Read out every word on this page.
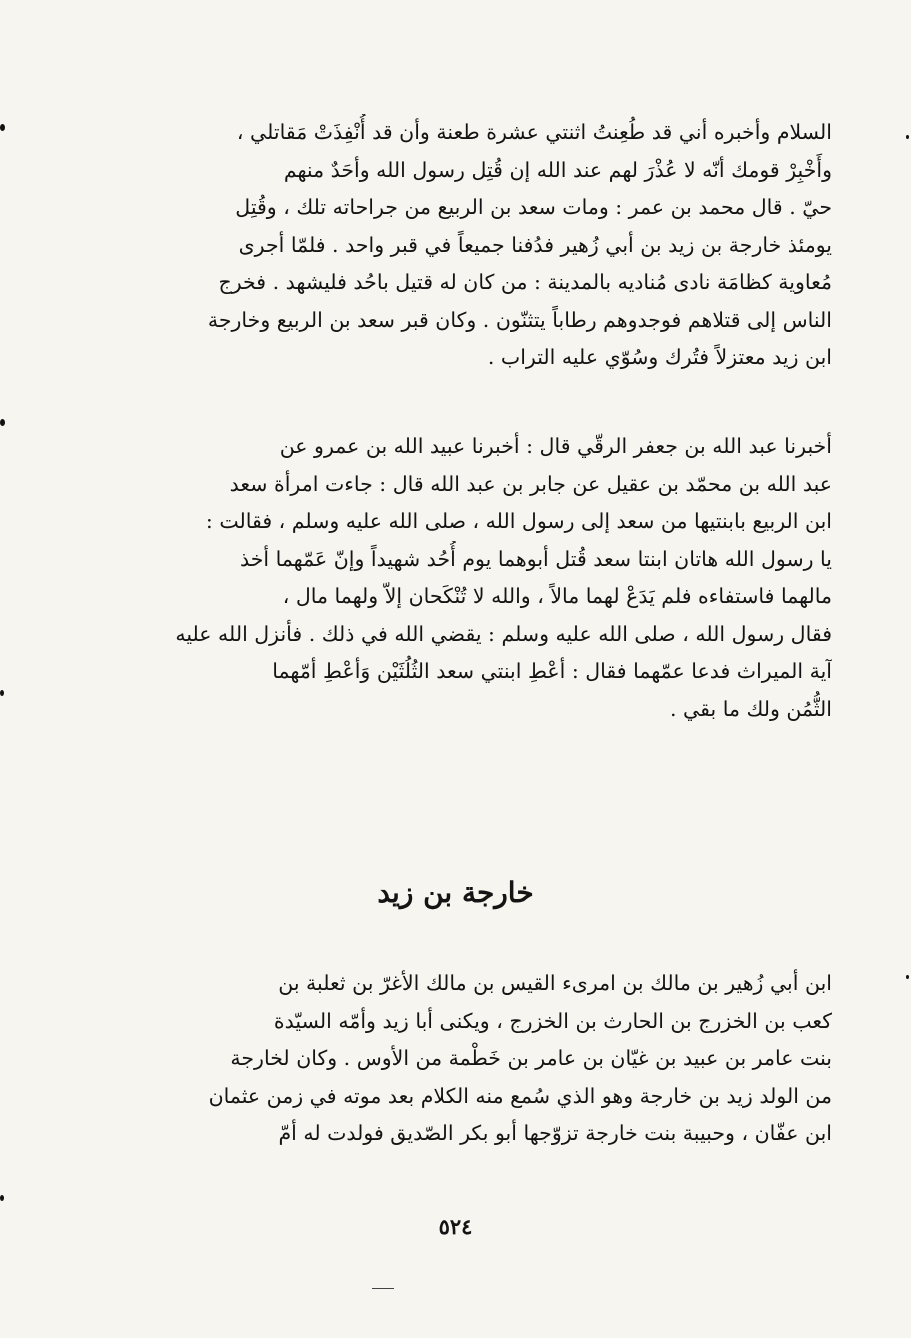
السلام وأخبره أني قد طُعِنتُ اثنتي عشرة طعنة وأن قد أُنْفِذَتْ مَقاتلي ،
وأَخْبِرْ قومك أنّه لا عُذْرَ لهم عند الله إن قُتِل رسول الله وأحَدٌ منهم
حيّ . قال محمد بن عمر : ومات سعد بن الربيع من جراحاته تلك ، وقُتِل
يومئذ خارجة بن زيد بن أبي زُهير فدُفنا جميعاً في قبر واحد . فلمّا أجرى
مُعاوية كظامَة نادى مُناديه بالمدينة : من كان له قتيل باحُد فليشهد . فخرج
الناس إلى قتلاهم فوجدوهم رطاباً يتثنّون . وكان قبر سعد بن الربيع وخارجة
ابن زيد معتزلاً فتُرك وسُوّي عليه التراب .
أخبرنا عبد الله بن جعفر الرقّي قال : أخبرنا عبيد الله بن عمرو عن
عبد الله بن محمّد بن عقيل عن جابر بن عبد الله قال : جاءت امرأة سعد
ابن الربيع بابنتيها من سعد إلى رسول الله ، صلى الله عليه وسلم ، فقالت :
يا رسول الله هاتان ابنتا سعد قُتل أبوهما يوم أُحُد شهيداً وإنّ عَمّهما أخذ
مالهما فاستفاءه فلم يَدَعْ لهما مالاً ، والله لا تُنْكَحان إلاّ ولهما مال ،
فقال رسول الله ، صلى الله عليه وسلم : يقضي الله في ذلك . فأنزل الله عليه
آية الميراث فدعا عمّهما فقال : أعْطِ ابنتي سعد الثُلُثَيْن وَأعْطِ أمّهما
الثُّمُن ولك ما بقي .
خارجة بن زيد
ابن أبي زُهير بن مالك بن امرىء القيس بن مالك الأغرّ بن ثعلبة بن
كعب بن الخزرج بن الحارث بن الخزرج ، ويكنى أبا زيد وأمّه السيّدة
بنت عامر بن عبيد بن غيّان بن عامر بن خَطْمة من الأوس . وكان لخارجة
من الولد زيد بن خارجة وهو الذي سُمع منه الكلام بعد موته في زمن عثمان
ابن عفّان ، وحبيبة بنت خارجة تزوّجها أبو بكر الصّديق فولدت له أمّ
٥٢٤
